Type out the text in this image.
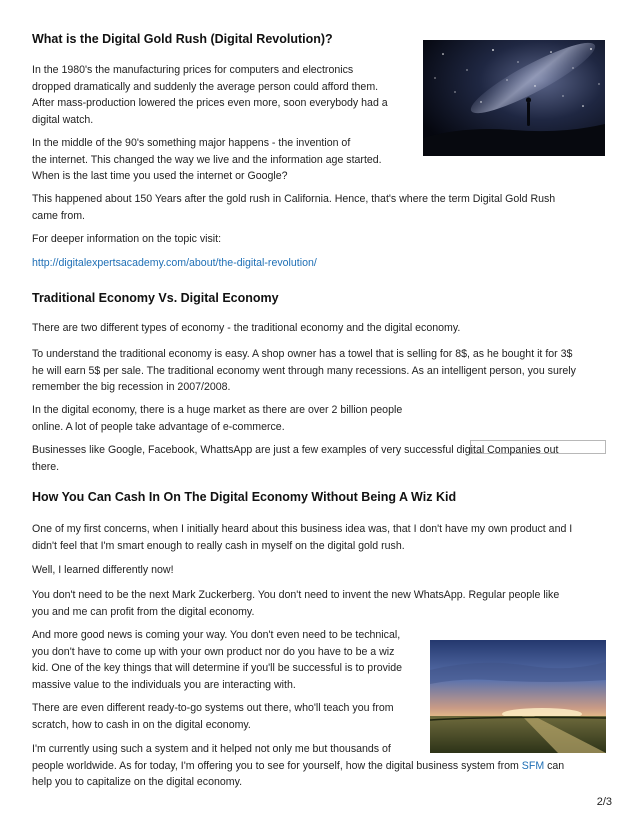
What is the Digital Gold Rush (Digital Revolution)?

In the 1980's the manufacturing prices for computers and electronics
dropped dramatically and suddenly the average person could afford them.
After mass-production lowered the prices even more, soon everybody had a
digital watch.

In the middle of the 90's something major happens - the invention of
the internet. This changed the way we live and the information age started.
When is the last time you used the internet or Google?

This happened about 150 Years after the gold rush in California. Hence, that's where the term Digital Gold Rush
came from.

For deeper information on the topic visit:

http://digitalexpertsacademy.com/about/the-digital-revolution/

Traditional Economy Vs. Digital Economy

There are two different types of economy - the traditional economy and the digital economy.

To understand the traditional economy is easy. A shop owner has a towel that is selling for 8$, as he bought it for 3$
he will earn 5$ per sale. The traditional economy went through many recessions. As an intelligent person, you surely
remember the big recession in 2007/2008.

In the digital economy, there is a huge market as there are over 2 billion people
online. A lot of people take advantage of e-commerce.

Businesses like Google, Facebook, WhattsApp are just a few examples of very successful digital Companies out
there.

How You Can Cash In On The Digital Economy Without Being A Wiz Kid

One of my first concerns, when I initially heard about this business idea was, that I don't have my own product and I
didn't feel that I'm smart enough to really cash in myself on the digital gold rush.

Well, I learned differently now!

You don't need to be the next Mark Zuckerberg. You don't need to invent the new WhatsApp. Regular people like
you and me can profit from the digital economy.

And more good news is coming your way. You don't even need to be technical,
you don't have to come up with your own product nor do you have to be a wiz
kid. One of the key things that will determine if you'll be successful is to provide
massive value to the individuals you are interacting with.

There are even different ready-to-go systems out there, who'll teach you from
scratch, how to cash in on the digital economy.

I'm currently using such a system and it helped not only me but thousands of
people worldwide. As for today, I'm offering you to see for yourself, how the digital business system from SFM can
help you to capitalize on the digital economy.

2/3
